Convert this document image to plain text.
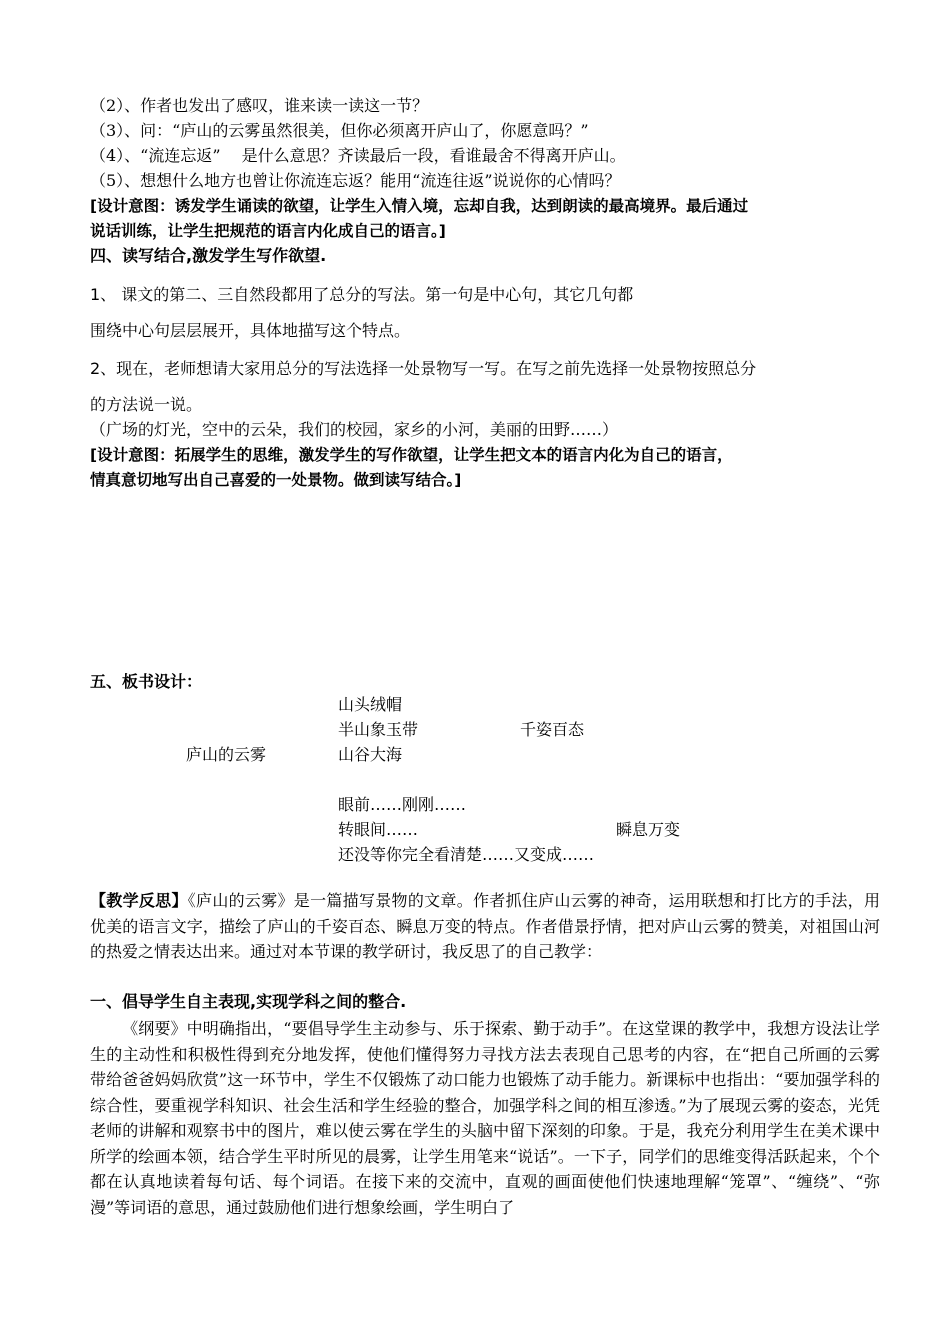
（2）、作者也发出了感叹，谁来读一读这一节？
（3）、问：“庐山的云雾虽然很美，但你必须离开庐山了，你愿意吗？”
（4）、“流连忘返”　 是什么意思？齐读最后一段，看谁最舍不得离开庐山。
（5）、想想什么地方也曾让你流连忘返？能用“流连往返”说说你的心情吗？
[设计意图：诱发学生诵读的欲望，让学生入情入境，忘却自我，达到朗读的最高境界。最后通过
说话训练，让学生把规范的语言内化成自己的语言。]
四、读写结合,激发学生写作欲望.
1、 课文的第二、三自然段都用了总分的写法。第一句是中心句，其它几句都
围绕中心句层层展开，具体地描写这个特点。
2、现在，老师想请大家用总分的写法选择一处景物写一写。在写之前先选择一处景物按照总分
的方法说一说。
（广场的灯光，空中的云朵，我们的校园，家乡的小河，美丽的田野……）
[设计意图：拓展学生的思维，激发学生的写作欲望，让学生把文本的语言内化为自己的语言，
情真意切地写出自己喜爱的一处景物。做到读写结合。]
五、板书设计：
庐山的云雾
山头绒帽
半山象玉带
山谷大海
千姿百态
眼前……刚刚……
转眼间……
还没等你完全看清楚……又变成……
瞬息万变
【教学反思】《庐山的云雾》是一篇描写景物的文章。作者抓住庐山云雾的神奇，运用联想和打比方的手法，用优美的语言文字，描绘了庐山的千姿百态、瞬息万变的特点。作者借景抒情，把对庐山云雾的赞美，对祖国山河的热爱之情表达出来。通过对本节课的教学研讨，我反思了的自己教学：
一、倡导学生自主表现,实现学科之间的整合.
《纲要》中明确指出，“要倡导学生主动参与、乐于探索、勤于动手”。在这堂课的教学中，我想方设法让学生的主动性和积极性得到充分地发挥，使他们懂得努力寻找方法去表现自己思考的内容，在“把自己所画的云雾带给爸爸妈妈欣赏”这一环节中，学生不仅锻炼了动口能力也锻炼了动手能力。新课标中也指出：“要加强学科的综合性，要重视学科知识、社会生活和学生经验的整合，加强学科之间的相互渗透。”为了展现云雾的姿态，光凭老师的讲解和观察书中的图片，难以使云雾在学生的头脑中留下深刻的印象。于是，我充分利用学生在美术课中所学的绘画本领，结合学生平时所见的晨雾，让学生用笔来“说话”。一下子，同学们的思维变得活跃起来，个个都在认真地读着每句话、每个词语。在接下来的交流中，直观的画面使他们快速地理解“笼罩”、“缠绕”、“弥漫”等词语的意思，通过鼓励他们进行想象绘画，学生明白了
